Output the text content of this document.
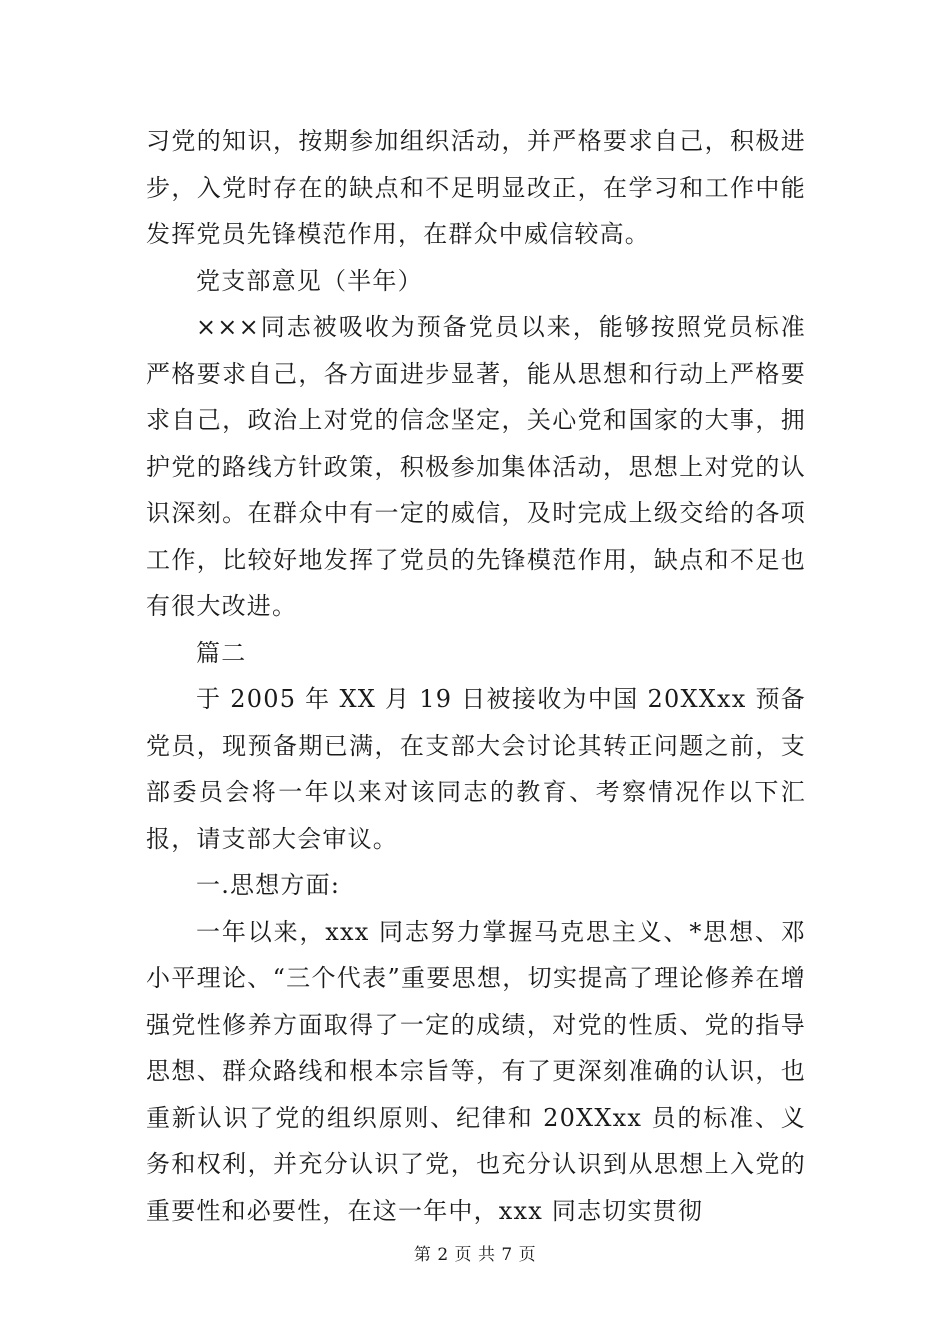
习党的知识，按期参加组织活动，并严格要求自己，积极进步，入党时存在的缺点和不足明显改正，在学习和工作中能发挥党员先锋模范作用，在群众中威信较高。

党支部意见（半年）

×××同志被吸收为预备党员以来，能够按照党员标准严格要求自己，各方面进步显著，能从思想和行动上严格要求自己，政治上对党的信念坚定，关心党和国家的大事，拥护党的路线方针政策，积极参加集体活动，思想上对党的认识深刻。在群众中有一定的威信，及时完成上级交给的各项工作，比较好地发挥了党员的先锋模范作用，缺点和不足也有很大改进。

篇二

于 2005 年 XX 月 19 日被接收为中国 20XXxx 预备党员，现预备期已满，在支部大会讨论其转正问题之前，支部委员会将一年以来对该同志的教育、考察情况作以下汇报，请支部大会审议。

一.思想方面:

一年以来，xxx 同志努力掌握马克思主义、*思想、邓小平理论、“三个代表”重要思想，切实提高了理论修养在增强党性修养方面取得了一定的成绩，对党的性质、党的指导思想、群众路线和根本宗旨等，有了更深刻准确的认识，也重新认识了党的组织原则、纪律和 20XXxx 员的标准、义务和权利，并充分认识了党，也充分认识到从思想上入党的重要性和必要性，在这一年中，xxx 同志切实贯彻

第 2 页 共 7 页
